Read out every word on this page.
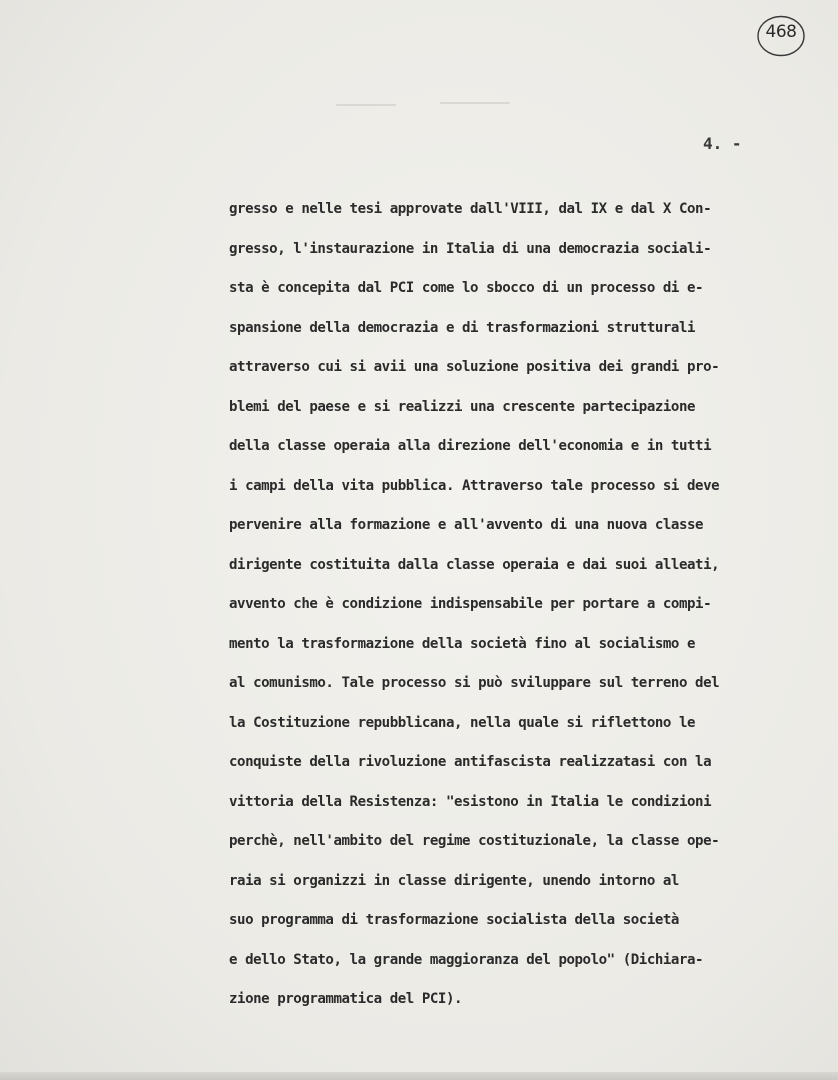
468
4. -
gresso e nelle tesi approvate dall'VIII, dal IX e dal X Con-
gresso, l'instaurazione in Italia di una democrazia sociali-
sta è concepita dal PCI come lo sbocco di un processo di e-
spansione della democrazia e di trasformazioni strutturali
attraverso cui si avii una soluzione positiva dei grandi pro-
blemi del paese e si realizzi una crescente partecipazione
della classe operaia alla direzione dell'economia e in tutti
i campi della vita pubblica. Attraverso tale processo si deve
pervenire alla formazione e all'avvento di una nuova classe
dirigente costituita dalla classe operaia e dai suoi alleati,
avvento che è condizione indispensabile per portare a compi-
mento la trasformazione della società fino al socialismo e
al comunismo. Tale processo si può sviluppare sul terreno del
la Costituzione repubblicana, nella quale si riflettono le
conquiste della rivoluzione antifascista realizzatasi con la
vittoria della Resistenza: "esistono in Italia le condizioni
perchè, nell'ambito del regime costituzionale, la classe ope-
raia si organizzi in classe dirigente, unendo intorno al
suo programma di trasformazione socialista della società
e dello Stato, la grande maggioranza del popolo" (Dichiara-
zione programmatica del PCI).
